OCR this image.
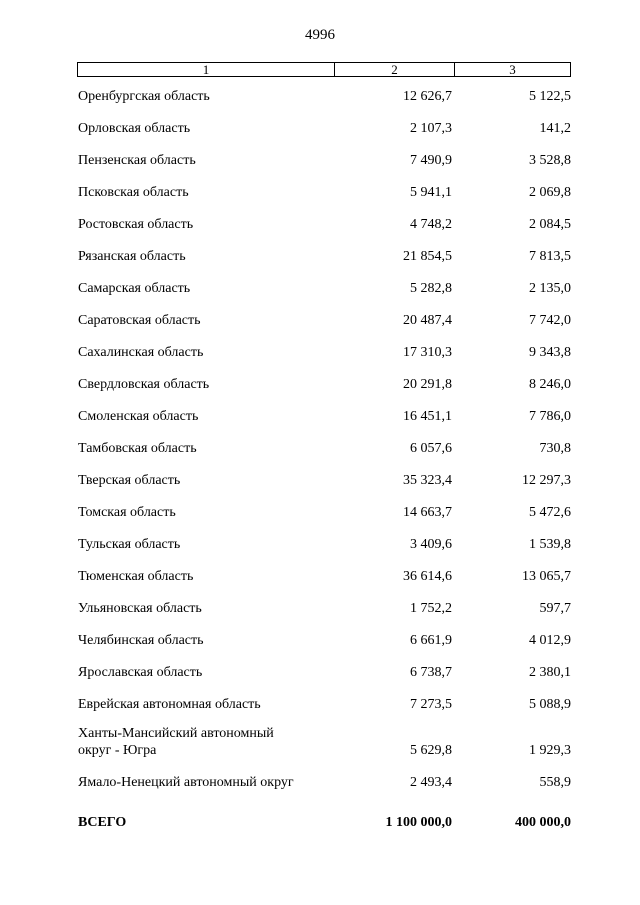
4996
1	2	3
Оренбургская область	12 626,7	5 122,5
Орловская область	2 107,3	141,2
Пензенская область	7 490,9	3 528,8
Псковская область	5 941,1	2 069,8
Ростовская область	4 748,2	2 084,5
Рязанская область	21 854,5	7 813,5
Самарская область	5 282,8	2 135,0
Саратовская область	20 487,4	7 742,0
Сахалинская область	17 310,3	9 343,8
Свердловская область	20 291,8	8 246,0
Смоленская область	16 451,1	7 786,0
Тамбовская область	6 057,6	730,8
Тверская область	35 323,4	12 297,3
Томская область	14 663,7	5 472,6
Тульская область	3 409,6	1 539,8
Тюменская область	36 614,6	13 065,7
Ульяновская область	1 752,2	597,7
Челябинская область	6 661,9	4 012,9
Ярославская область	6 738,7	2 380,1
Еврейская автономная область	7 273,5	5 088,9
Ханты-Мансийский автономный
округ - Югра	5 629,8	1 929,3
Ямало-Ненецкий автономный округ	2 493,4	558,9
ВСЕГО	1 100 000,0	400 000,0
